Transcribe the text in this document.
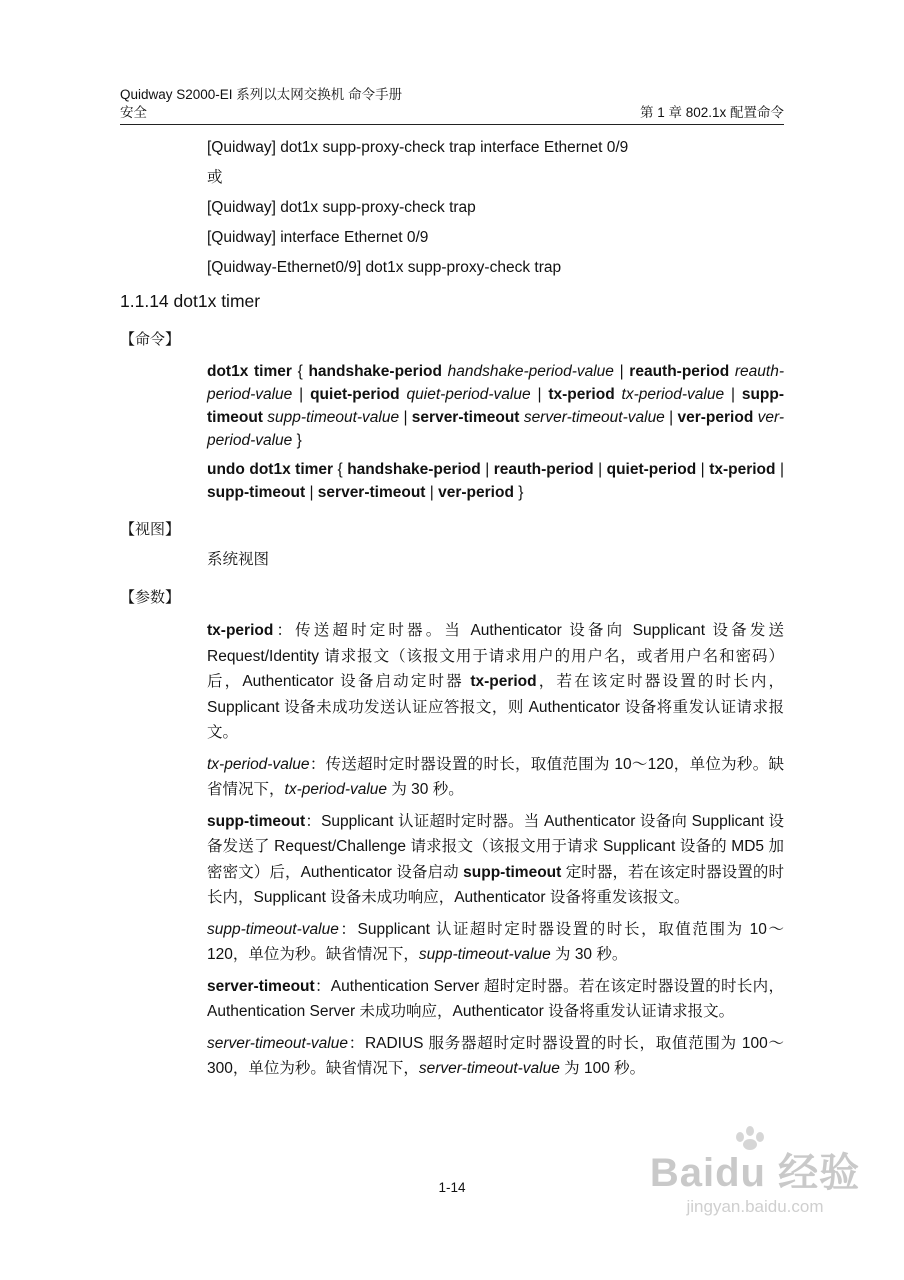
Quidway S2000-EI 系列以太网交换机 命令手册
安全	第 1 章 802.1x 配置命令
[Quidway] dot1x supp-proxy-check trap interface Ethernet 0/9
或
[Quidway] dot1x supp-proxy-check trap
[Quidway] interface Ethernet 0/9
[Quidway-Ethernet0/9] dot1x supp-proxy-check trap
1.1.14 dot1x timer
【命令】
dot1x timer { handshake-period handshake-period-value | reauth-period reauth-period-value | quiet-period quiet-period-value | tx-period tx-period-value | supp-timeout supp-timeout-value | server-timeout server-timeout-value | ver-period ver-period-value }
undo dot1x timer { handshake-period | reauth-period | quiet-period | tx-period | supp-timeout | server-timeout | ver-period }
【视图】
系统视图
【参数】
tx-period：传送超时定时器。当 Authenticator 设备向 Supplicant 设备发送 Request/Identity 请求报文（该报文用于请求用户的用户名，或者用户名和密码）后，Authenticator 设备启动定时器 tx-period，若在该定时器设置的时长内，Supplicant 设备未成功发送认证应答报文，则 Authenticator 设备将重发认证请求报文。
tx-period-value：传送超时定时器设置的时长，取值范围为 10～120，单位为秒。缺省情况下，tx-period-value 为 30 秒。
supp-timeout：Supplicant 认证超时定时器。当 Authenticator 设备向 Supplicant 设备发送了 Request/Challenge 请求报文（该报文用于请求 Supplicant 设备的 MD5 加密密文）后，Authenticator 设备启动 supp-timeout 定时器，若在该定时器设置的时长内，Supplicant 设备未成功响应，Authenticator 设备将重发该报文。
supp-timeout-value：Supplicant 认证超时定时器设置的时长，取值范围为 10～120，单位为秒。缺省情况下，supp-timeout-value 为 30 秒。
server-timeout：Authentication Server 超时定时器。若在该定时器设置的时长内，Authentication Server 未成功响应，Authenticator 设备将重发认证请求报文。
server-timeout-value：RADIUS 服务器超时定时器设置的时长，取值范围为 100～300，单位为秒。缺省情况下，server-timeout-value 为 100 秒。
1-14	Baidu 经验
jingyan.baidu.com
